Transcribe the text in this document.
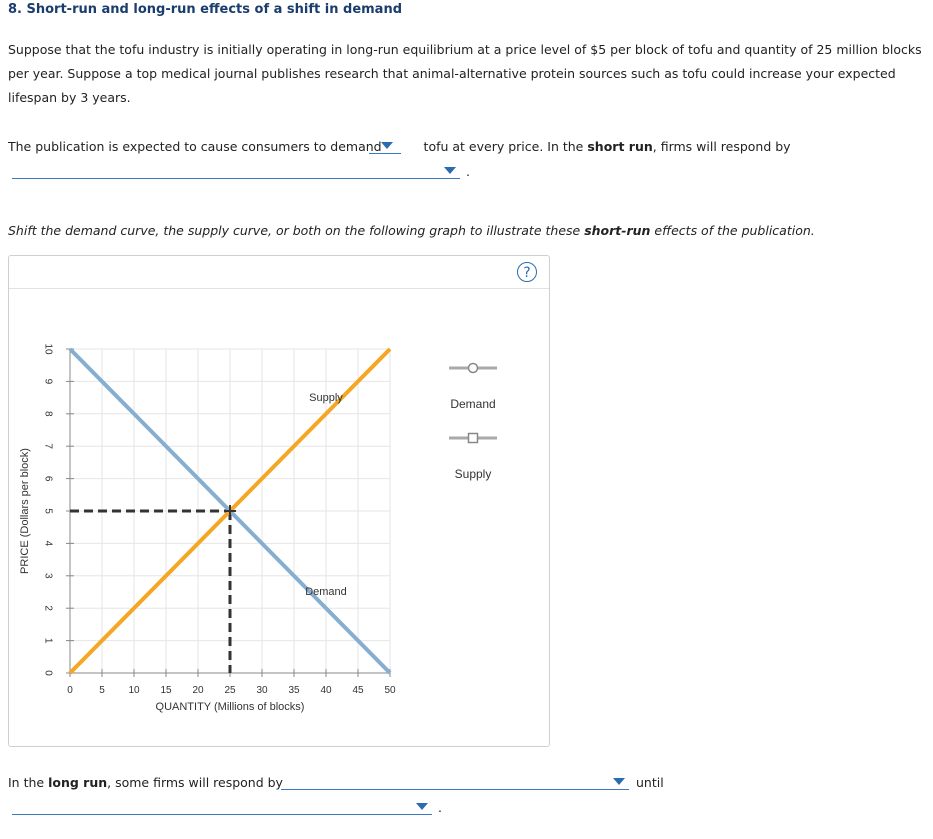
8. Short-run and long-run effects of a shift in demand
Suppose that the tofu industry is initially operating in long-run equilibrium at a price level of $5 per block of tofu and quantity of 25 million blocks per year. Suppose a top medical journal publishes research that animal-alternative protein sources such as tofu could increase your expected lifespan by 3 years.
The publication is expected to cause consumers to demand	tofu at every price. In the short run, firms will respond by
.
Shift the demand curve, the supply curve, or both on the following graph to illustrate these short-run effects of the publication.
?
0	5 10 15 20 25 30 35 40 45 50
0
1
2
3
4
5
6
7
8
9
10
QUANTITY (Millions of blocks)
PRICE (Dollars per block)
Demand
Supply	Demand
Supply
In the long run, some firms will respond by	until
.
